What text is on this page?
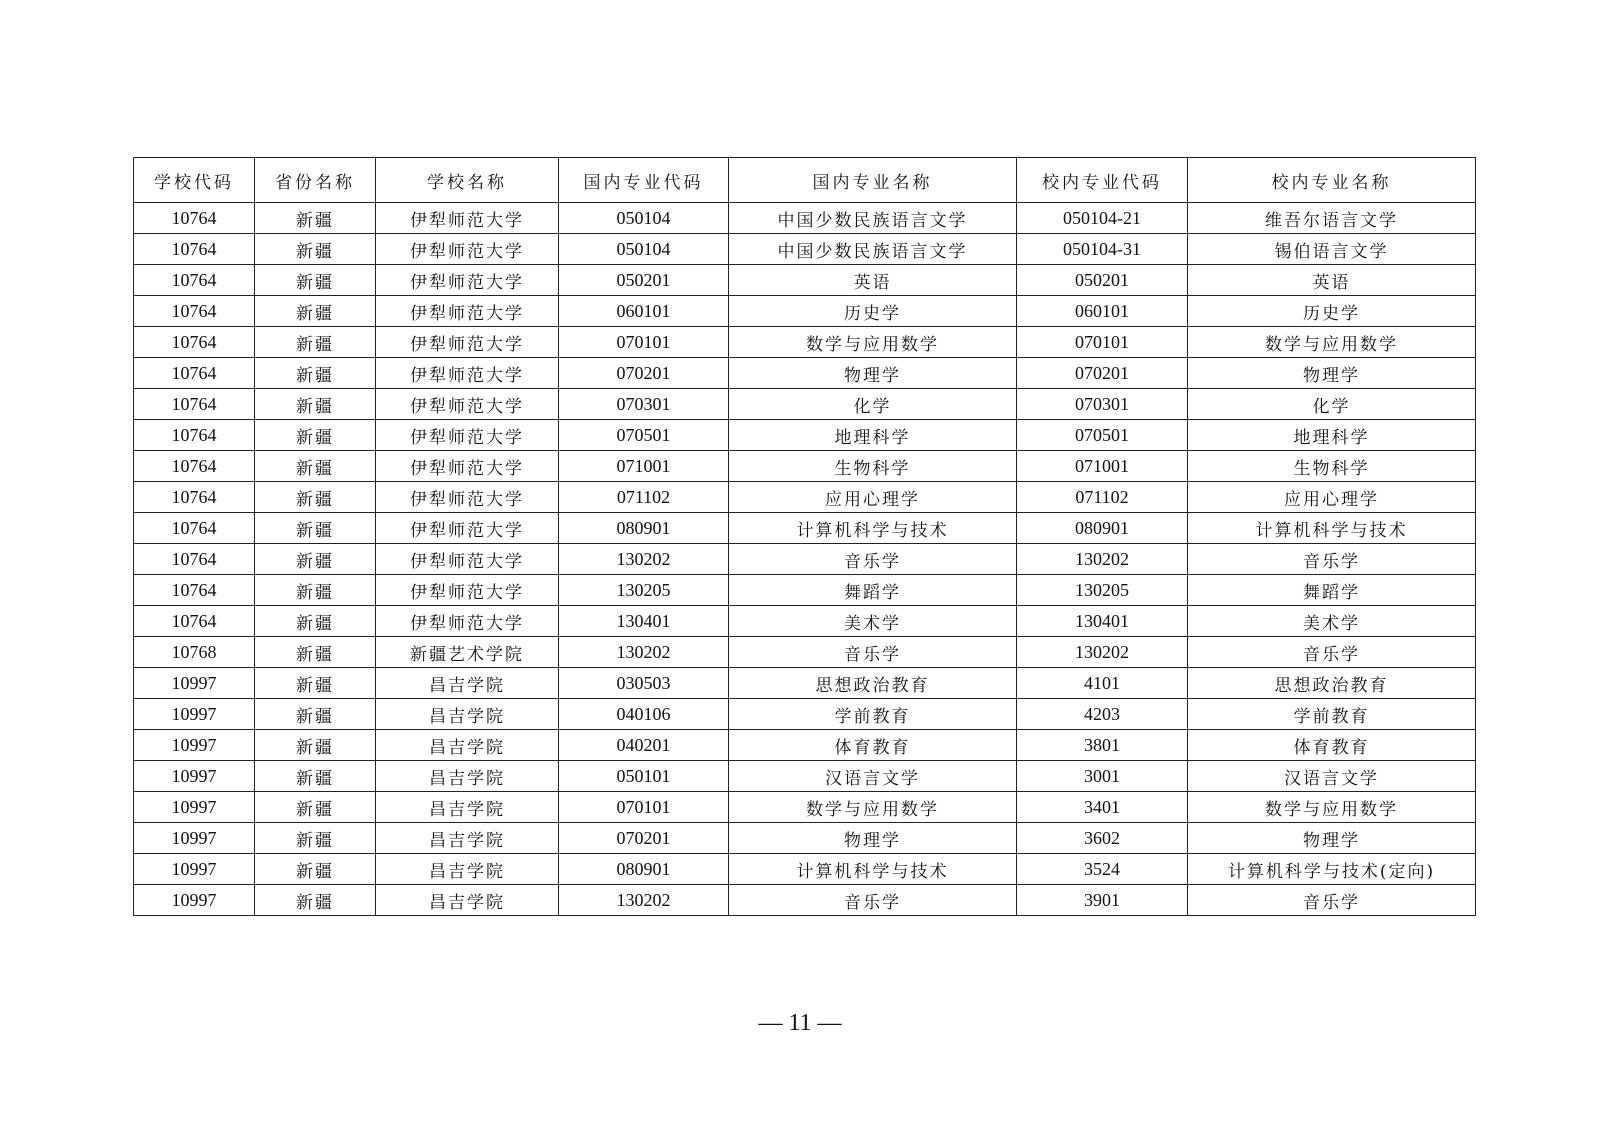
学校代码	省份名称	学校名称	国内专业代码	国内专业名称	校内专业代码	校内专业名称
10764	新疆	伊犁师范大学	050104	中国少数民族语言文学	050104-21	维吾尔语言文学
10764	新疆	伊犁师范大学	050104	中国少数民族语言文学	050104-31	锡伯语言文学
10764	新疆	伊犁师范大学	050201	英语	050201	英语
10764	新疆	伊犁师范大学	060101	历史学	060101	历史学
10764	新疆	伊犁师范大学	070101	数学与应用数学	070101	数学与应用数学
10764	新疆	伊犁师范大学	070201	物理学	070201	物理学
10764	新疆	伊犁师范大学	070301	化学	070301	化学
10764	新疆	伊犁师范大学	070501	地理科学	070501	地理科学
10764	新疆	伊犁师范大学	071001	生物科学	071001	生物科学
10764	新疆	伊犁师范大学	071102	应用心理学	071102	应用心理学
10764	新疆	伊犁师范大学	080901	计算机科学与技术	080901	计算机科学与技术
10764	新疆	伊犁师范大学	130202	音乐学	130202	音乐学
10764	新疆	伊犁师范大学	130205	舞蹈学	130205	舞蹈学
10764	新疆	伊犁师范大学	130401	美术学	130401	美术学
10768	新疆	新疆艺术学院	130202	音乐学	130202	音乐学
10997	新疆	昌吉学院	030503	思想政治教育	4101	思想政治教育
10997	新疆	昌吉学院	040106	学前教育	4203	学前教育
10997	新疆	昌吉学院	040201	体育教育	3801	体育教育
10997	新疆	昌吉学院	050101	汉语言文学	3001	汉语言文学
10997	新疆	昌吉学院	070101	数学与应用数学	3401	数学与应用数学
10997	新疆	昌吉学院	070201	物理学	3602	物理学
10997	新疆	昌吉学院	080901	计算机科学与技术	3524	计算机科学与技术(定向)
10997	新疆	昌吉学院	130202	音乐学	3901	音乐学
— 11 —
